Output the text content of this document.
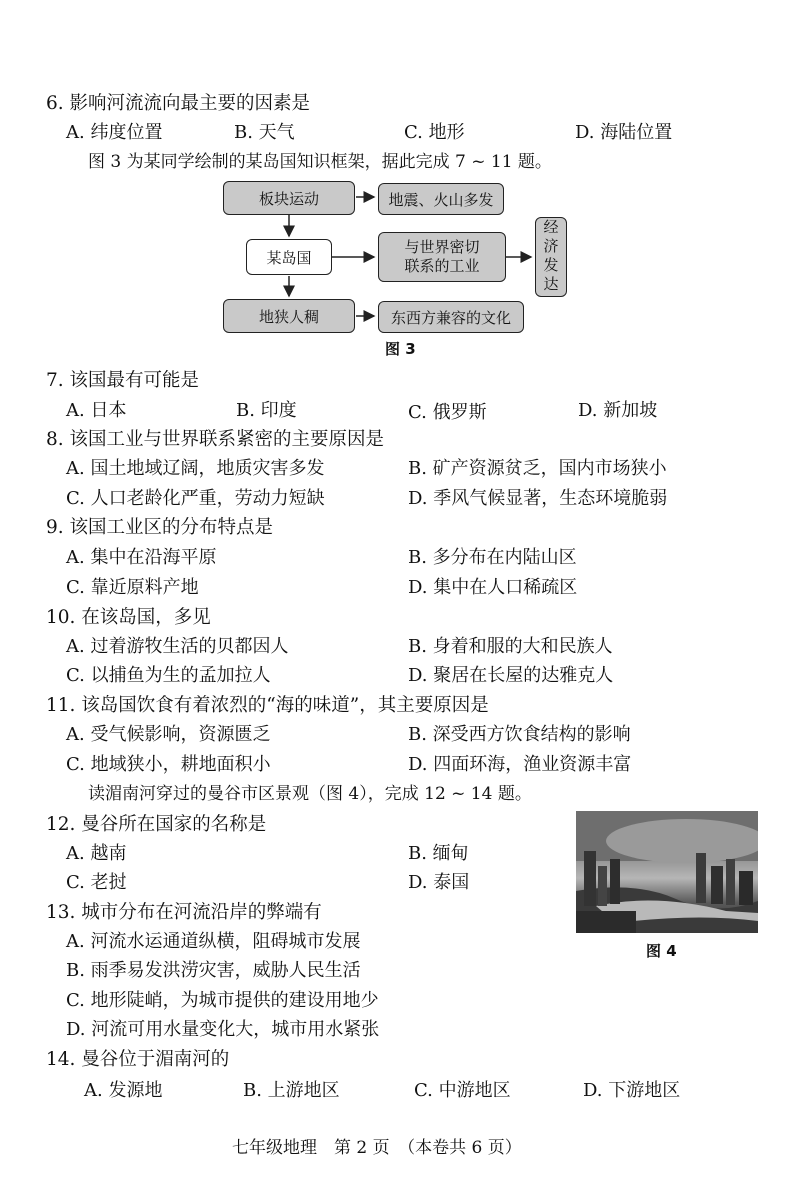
6. 影响河流流向最主要的因素是
A. 纬度位置	B. 天气	C. 地形	D. 海陆位置
图 3 为某同学绘制的某岛国知识框架，据此完成 7 ~ 11 题。
板块运动	地震、火山多发
某岛国
与世界密切
联系的工业	经济发达
地狭人稠	东西方兼容的文化
图 3
7. 该国最有可能是
A. 日本	B. 印度	C. 俄罗斯	D. 新加坡
8. 该国工业与世界联系紧密的主要原因是
A. 国土地域辽阔，地质灾害多发	B. 矿产资源贫乏，国内市场狭小
C. 人口老龄化严重，劳动力短缺	D. 季风气候显著，生态环境脆弱
9. 该国工业区的分布特点是
A. 集中在沿海平原	B. 多分布在内陆山区
C. 靠近原料产地	D. 集中在人口稀疏区
10. 在该岛国，多见
A. 过着游牧生活的贝都因人	B. 身着和服的大和民族人
C. 以捕鱼为生的孟加拉人	D. 聚居在长屋的达雅克人
11. 该岛国饮食有着浓烈的“海的味道”，其主要原因是
A. 受气候影响，资源匮乏	B. 深受西方饮食结构的影响
C. 地域狭小，耕地面积小	D. 四面环海，渔业资源丰富
读湄南河穿过的曼谷市区景观（图 4），完成 12 ~ 14 题。
12. 曼谷所在国家的名称是
A. 越南	B. 缅甸
C. 老挝	D. 泰国
图 4
13. 城市分布在河流沿岸的弊端有
A. 河流水运通道纵横，阻碍城市发展
B. 雨季易发洪涝灾害，威胁人民生活
C. 地形陡峭，为城市提供的建设用地少
D. 河流可用水量变化大，城市用水紧张
14. 曼谷位于湄南河的
A. 发源地	B. 上游地区	C. 中游地区	D. 下游地区
七年级地理　第 2 页　（本卷共 6 页）
